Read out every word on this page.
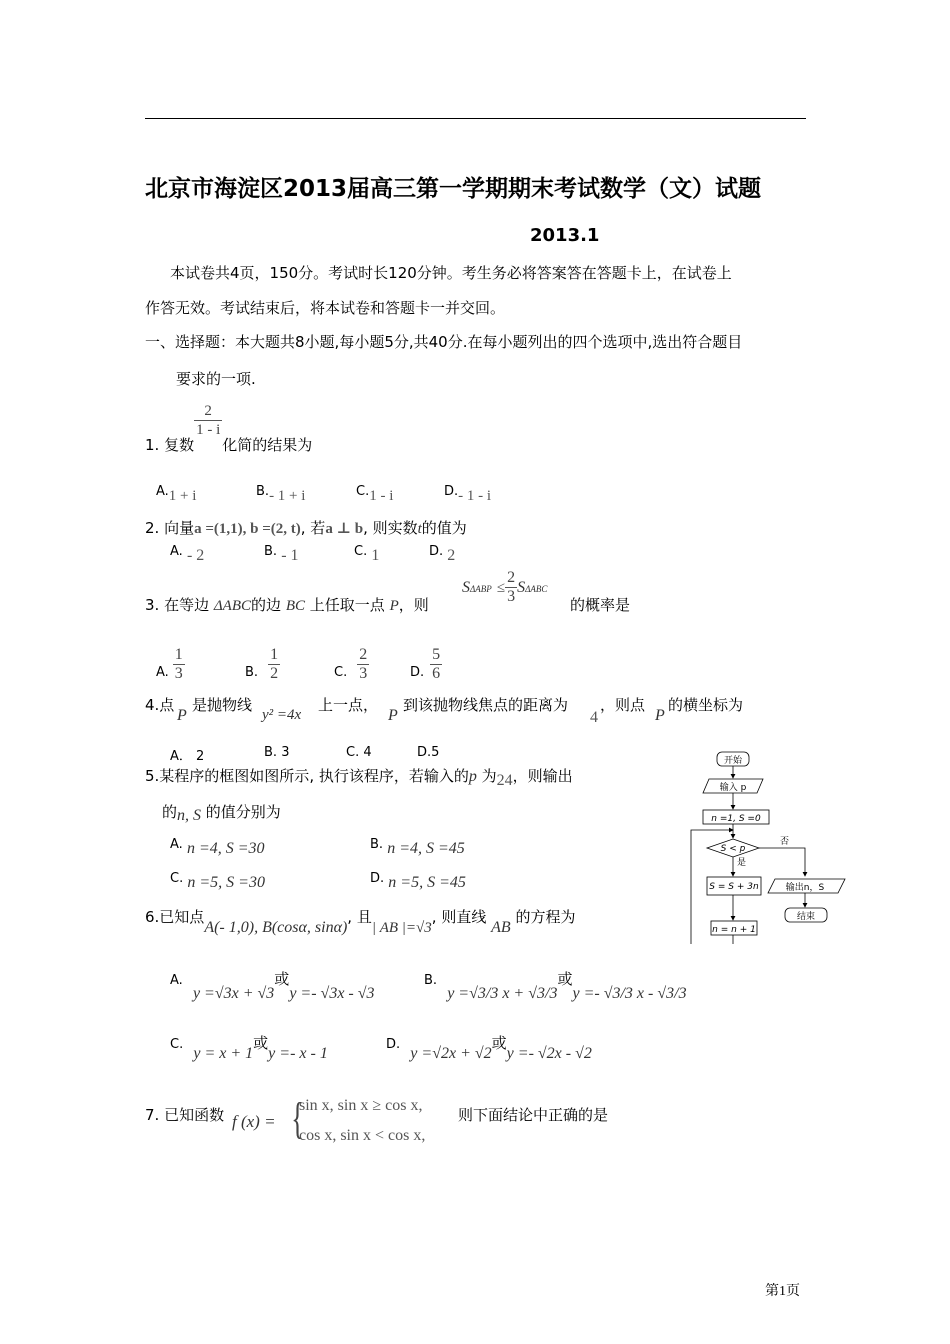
北京市海淀区2013届高三第一学期期末考试数学（文）试题
2013.1
本试卷共4页，150分。考试时长120分钟。考生务必将答案答在答题卡上，在试卷上
作答无效。考试结束后，将本试卷和答题卡一并交回。
一、选择题：本大题共8小题,每小题5分,共40分.在每小题列出的四个选项中,选出符合题目
要求的一项.
1. 复数
$\frac{2}{1 - i}$
化简的结果为
A.1 + i	B.- 1 + i	C.1 - i	D.- 1 - i
2. 向量a =(1,1), b =(2, t), 若a ⊥ b, 则实数t的值为
A. - 2	B. - 1	C. 1	D. 2
3. 在等边 ΔABC的边 BC 上任取一点 P，则
$S\Delta ABP \le \frac{2}{3}$ SΔABC
的概率是
A. $\frac{1}{3}$	B. $\frac{1}{2}$	C. $\frac{2}{3}$	D. $\frac{5}{6}$
4.点
P
是抛物线
y² =4x
上一点，
P
到该抛物线焦点的距离为
4
，则点
P
的横坐标为
A． 2	B. 3	C. 4	D.5
5.某程序的框图如图所示, 执行该程序，若输入的p 为24，则输出
的n, S 的值分别为
A. n =4, S =30	B. n =4, S =45
C. n =5, S =30	D. n =5, S =45
开始
输入 p
n =1, S =0
S < p
否
是
S = S + 3n	输出n，S
结束
n = n + 1
6.已知点A(- 1,0), B(cosα, sinα), 且| AB |=√3, 则直线 AB 的方程为
A. y =√3x + √3或y =- √3x - √3
B. y =√3/3 x + √3/3或y =- √3/3 x - √3/3
C. y = x + 1或y =- x - 1
D. y =√2x + √2或y =- √2x - √2
7. 已知函数 f (x) = {
sin x, sin x ≥ cos x,
cos x, sin x < cos x,
则下面结论中正确的是
第1页
